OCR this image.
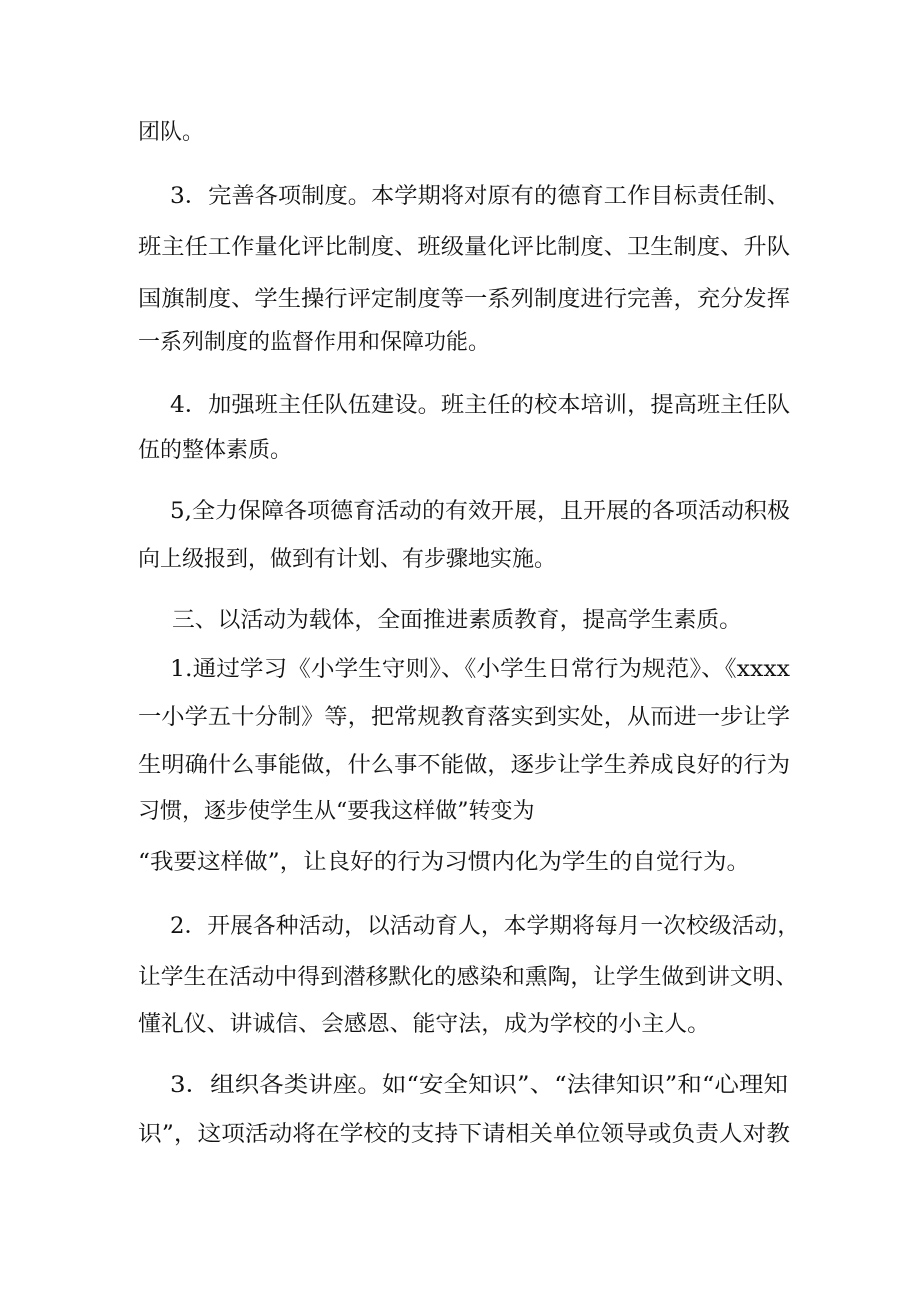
团队。
3．完善各项制度。本学期将对原有的德育工作目标责任制、
班主任工作量化评比制度、班级量化评比制度、卫生制度、升队
国旗制度、学生操行评定制度等一系列制度进行完善，充分发挥
一系列制度的监督作用和保障功能。
4．加强班主任队伍建设。班主任的校本培训，提高班主任队
伍的整体素质。
5,全力保障各项德育活动的有效开展，且开展的各项活动积极
向上级报到，做到有计划、有步骤地实施。
三、以活动为载体，全面推进素质教育，提高学生素质。
1.通过学习《小学生守则》、《小学生日常行为规范》、《xxxx
一小学五十分制》等，把常规教育落实到实处，从而进一步让学
生明确什么事能做，什么事不能做，逐步让学生养成良好的行为
习惯，逐步使学生从“要我这样做”转变为
“我要这样做”，让良好的行为习惯内化为学生的自觉行为。
2．开展各种活动，以活动育人，本学期将每月一次校级活动，
让学生在活动中得到潜移默化的感染和熏陶，让学生做到讲文明、
懂礼仪、讲诚信、会感恩、能守法，成为学校的小主人。
3．组织各类讲座。如“安全知识”、“法律知识”和“心理知
识”，这项活动将在学校的支持下请相关单位领导或负责人对教
